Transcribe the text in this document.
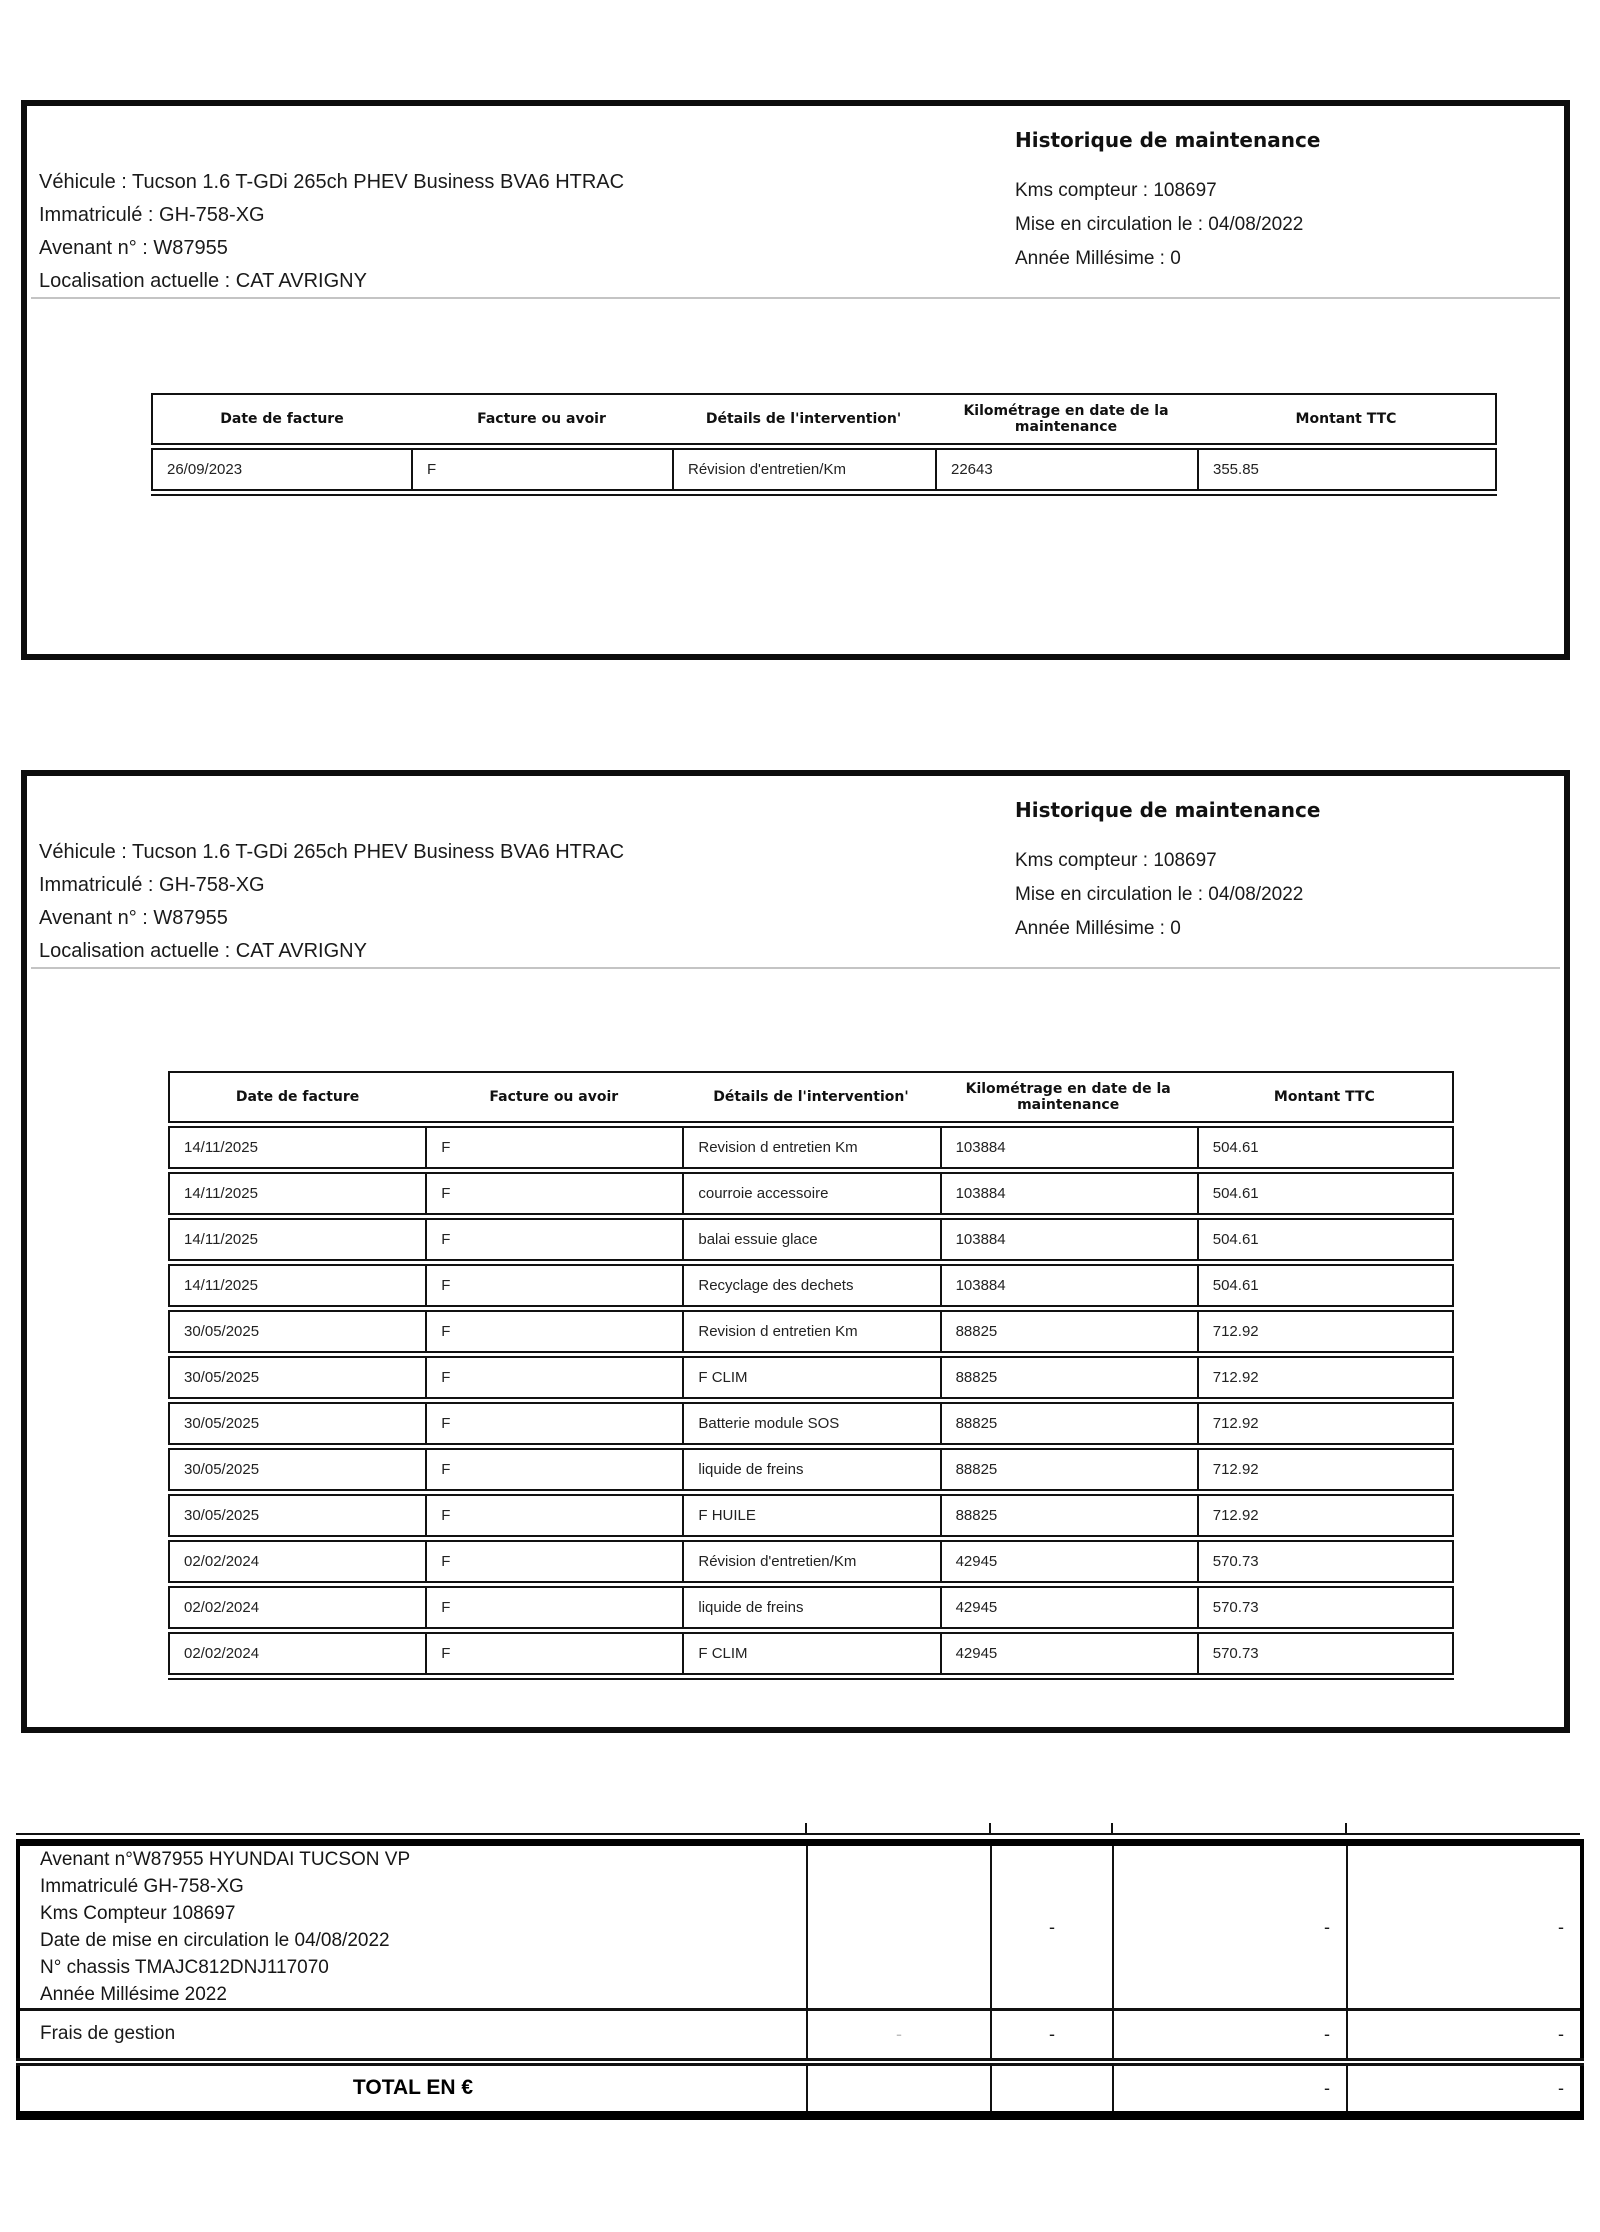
Véhicule : Tucson 1.6 T-GDi 265ch PHEV Business BVA6 HTRAC
Immatriculé : GH-758-XG
Avenant n° : W87955
Localisation actuelle : CAT AVRIGNY
Historique de maintenance
Kms compteur : 108697
Mise en circulation le : 04/08/2022
Année Millésime : 0
Date de facture	Facture ou avoir	Détails de l'intervention'	Kilométrage en date de la maintenance	Montant TTC
26/09/2023	F	Révision d'entretien/Km	22643	355.85

Véhicule : Tucson 1.6 T-GDi 265ch PHEV Business BVA6 HTRAC
Immatriculé : GH-758-XG
Avenant n° : W87955
Localisation actuelle : CAT AVRIGNY
Historique de maintenance
Kms compteur : 108697
Mise en circulation le : 04/08/2022
Année Millésime : 0
Date de facture	Facture ou avoir	Détails de l'intervention'	Kilométrage en date de la maintenance	Montant TTC
14/11/2025	F	Revision d entretien Km	103884	504.61
14/11/2025	F	courroie accessoire	103884	504.61
14/11/2025	F	balai essuie glace	103884	504.61
14/11/2025	F	Recyclage des dechets	103884	504.61
30/05/2025	F	Revision d entretien Km	88825	712.92
30/05/2025	F	F CLIM	88825	712.92
30/05/2025	F	Batterie module SOS	88825	712.92
30/05/2025	F	liquide de freins	88825	712.92
30/05/2025	F	F HUILE	88825	712.92
02/02/2024	F	Révision d'entretien/Km	42945	570.73
02/02/2024	F	liquide de freins	42945	570.73
02/02/2024	F	F CLIM	42945	570.73

Avenant n°W87955 HYUNDAI TUCSON VP
Immatriculé GH-758-XG
Kms Compteur 108697
Date de mise en circulation le 04/08/2022
N° chassis TMAJC812DNJ117070
Année Millésime 2022
		-	-	-
Frais de gestion	-	-	-	-
TOTAL EN €			-	-
